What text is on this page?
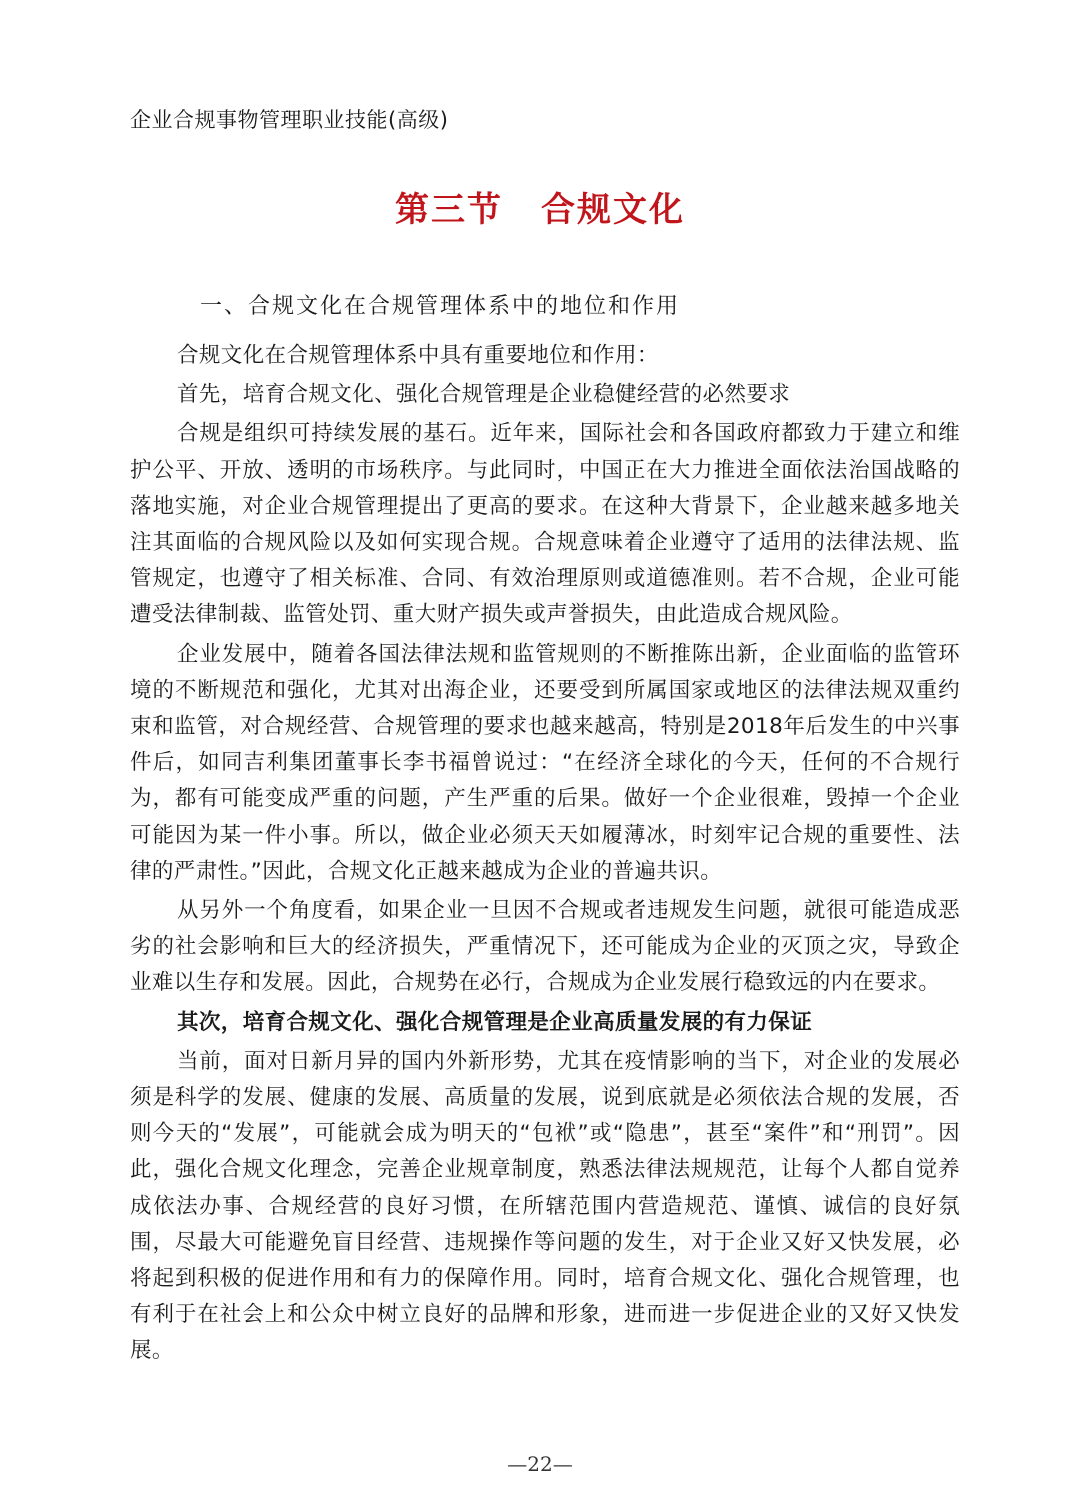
企业合规事物管理职业技能(高级)
第三节 合规文化
一、合规文化在合规管理体系中的地位和作用

合规文化在合规管理体系中具有重要地位和作用：

首先，培育合规文化、强化合规管理是企业稳健经营的必然要求

合规是组织可持续发展的基石。近年来，国际社会和各国政府都致力于建立和维护公平、开放、透明的市场秩序。与此同时，中国正在大力推进全面依法治国战略的落地实施，对企业合规管理提出了更高的要求。在这种大背景下，企业越来越多地关注其面临的合规风险以及如何实现合规。合规意味着企业遵守了适用的法律法规、监管规定，也遵守了相关标准、合同、有效治理原则或道德准则。若不合规，企业可能遭受法律制裁、监管处罚、重大财产损失或声誉损失，由此造成合规风险。

企业发展中，随着各国法律法规和监管规则的不断推陈出新，企业面临的监管环境的不断规范和强化，尤其对出海企业，还要受到所属国家或地区的法律法规双重约束和监管，对合规经营、合规管理的要求也越来越高，特别是2018年后发生的中兴事件后，如同吉利集团董事长李书福曾说过：“在经济全球化的今天，任何的不合规行为，都有可能变成严重的问题，产生严重的后果。做好一个企业很难，毁掉一个企业可能因为某一件小事。所以，做企业必须天天如履薄冰，时刻牢记合规的重要性、法律的严肃性。”因此，合规文化正越来越成为企业的普遍共识。

从另外一个角度看，如果企业一旦因不合规或者违规发生问题，就很可能造成恶劣的社会影响和巨大的经济损失，严重情况下，还可能成为企业的灭顶之灾，导致企业难以生存和发展。因此，合规势在必行，合规成为企业发展行稳致远的内在要求。

其次，培育合规文化、强化合规管理是企业高质量发展的有力保证

当前，面对日新月异的国内外新形势，尤其在疫情影响的当下，对企业的发展必须是科学的发展、健康的发展、高质量的发展，说到底就是必须依法合规的发展，否则今天的“发展”，可能就会成为明天的“包袱”或“隐患”，甚至“案件”和“刑罚”。因此，强化合规文化理念，完善企业规章制度，熟悉法律法规规范，让每个人都自觉养成依法办事、合规经营的良好习惯，在所辖范围内营造规范、谨慎、诚信的良好氛围，尽最大可能避免盲目经营、违规操作等问题的发生，对于企业又好又快发展，必将起到积极的促进作用和有力的保障作用。同时，培育合规文化、强化合规管理，也有利于在社会上和公众中树立良好的品牌和形象，进而进一步促进企业的又好又快发展。

—22—
